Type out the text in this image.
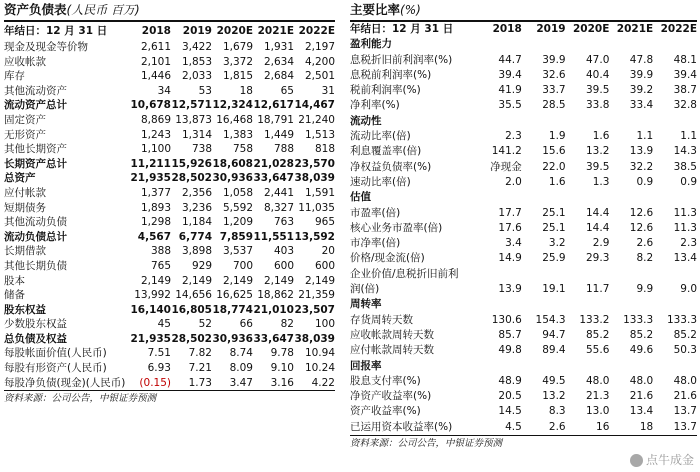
资产负债表(人民币 百万)
年结日：12 月 31 日	2018	2019	2020E	2021E	2022E
现金及现金等价物	2,611	3,422	1,679	1,931	2,197
应收帐款	2,101	1,853	3,372	2,634	4,200
库存	1,446	2,033	1,815	2,684	2,501
其他流动资产	34	53	18	65	31
流动资产总计	10,678	12,571	12,324	12,617	14,467
固定资产	8,869	13,873	16,468	18,791	21,240
无形资产	1,243	1,314	1,383	1,449	1,513
其他长期资产	1,100	738	758	788	818
长期资产总计	11,211	15,926	18,608	21,028	23,570
总资产	21,935	28,502	30,936	33,647	38,039
应付帐款	1,377	2,356	1,058	2,441	1,591
短期债务	1,893	3,236	5,592	8,327	11,035
其他流动负债	1,298	1,184	1,209	763	965
流动负债总计	4,567	6,774	7,859	11,551	13,592
长期借款	388	3,898	3,537	403	20
其他长期负债	765	929	700	600	600
股本	2,149	2,149	2,149	2,149	2,149
储备	13,992	14,656	16,625	18,862	21,359
股东权益	16,140	16,805	18,774	21,010	23,507
少数股东权益	45	52	66	82	100
总负债及权益	21,935	28,502	30,936	33,647	38,039
每股帐面价值(人民币)	7.51	7.82	8.74	9.78	10.94
每股有形资产(人民币)	6.93	7.21	8.09	9.10	10.24
每股净负债(现金)(人民币)	(0.15)	1.73	3.47	3.16	4.22
资料来源：公司公告，中银证券预测
主要比率(%)
年结日：12 月 31 日	2018	2019	2020E	2021E	2022E
盈利能力					
息税折旧前利润率(%)	44.7	39.9	47.0	47.8	48.1
息税前利润率(%)	39.4	32.6	40.4	39.9	39.4
税前利润率(%)	41.9	33.7	39.5	39.2	38.7
净利率(%)	35.5	28.5	33.8	33.4	32.8
流动性					
流动比率(倍)	2.3	1.9	1.6	1.1	1.1
利息覆盖率(倍)	141.2	15.6	13.2	13.9	14.3
净权益负债率(%)	净现金	22.0	39.5	32.2	38.5
速动比率(倍)	2.0	1.6	1.3	0.9	0.9
估值					
市盈率(倍)	17.7	25.1	14.4	12.6	11.3
核心业务市盈率(倍)	17.6	25.1	14.4	12.6	11.3
市净率(倍)	3.4	3.2	2.9	2.6	2.3
价格/现金流(倍)	14.9	25.9	29.3	8.2	13.4
企业价值/息税折旧前利					
润(倍)	13.9	19.1	11.7	9.9	9.0
周转率					
存货周转天数	130.6	154.3	133.2	133.3	133.3
应收帐款周转天数	85.7	94.7	85.2	85.2	85.2
应付帐款周转天数	49.8	89.4	55.6	49.6	50.3
回报率					
股息支付率(%)	48.9	49.5	48.0	48.0	48.0
净资产收益率(%)	20.5	13.2	21.3	21.6	21.6
资产收益率(%)	14.5	8.3	13.0	13.4	13.7
已运用资本收益率(%)	4.5	2.6	16	18	13.7
资料来源：公司公告，中银证券预测
点牛成金
